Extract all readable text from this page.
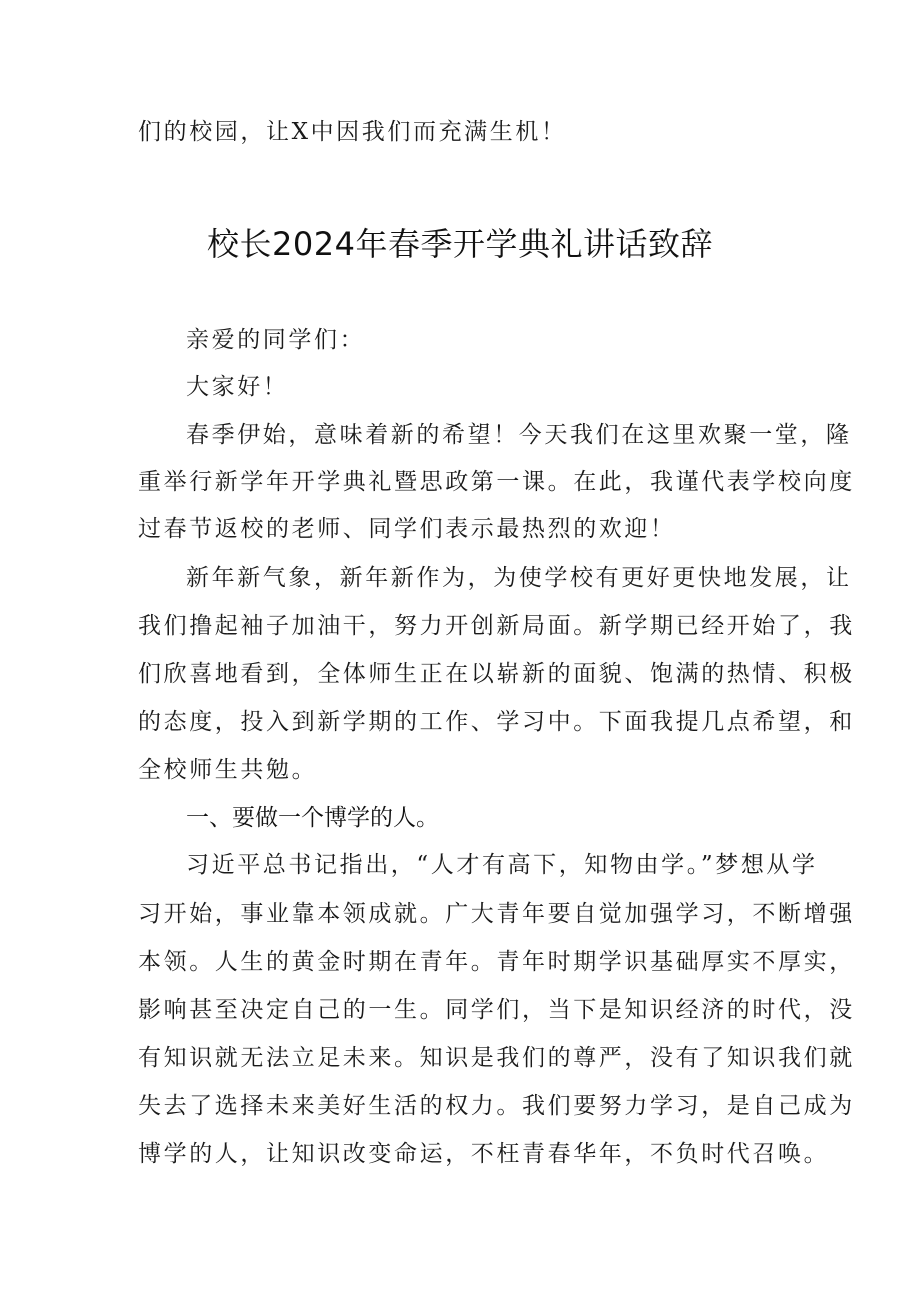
们的校园，让X中因我们而充满生机！
校长2024年春季开学典礼讲话致辞
亲爱的同学们：
大家好！
春季伊始，意味着新的希望！今天我们在这里欢聚一堂，隆
重举行新学年开学典礼暨思政第一课。在此，我谨代表学校向度
过春节返校的老师、同学们表示最热烈的欢迎！
新年新气象，新年新作为，为使学校有更好更快地发展，让
我们撸起袖子加油干，努力开创新局面。新学期已经开始了，我
们欣喜地看到，全体师生正在以崭新的面貌、饱满的热情、积极
的态度，投入到新学期的工作、学习中。下面我提几点希望，和
全校师生共勉。
一、要做一个博学的人。
习近平总书记指出，“人才有高下，知物由学。”梦想从学
习开始，事业靠本领成就。广大青年要自觉加强学习，不断增强
本领。人生的黄金时期在青年。青年时期学识基础厚实不厚实，
影响甚至决定自己的一生。同学们，当下是知识经济的时代，没
有知识就无法立足未来。知识是我们的尊严，没有了知识我们就
失去了选择未来美好生活的权力。我们要努力学习，是自己成为
博学的人，让知识改变命运，不枉青春华年，不负时代召唤。
